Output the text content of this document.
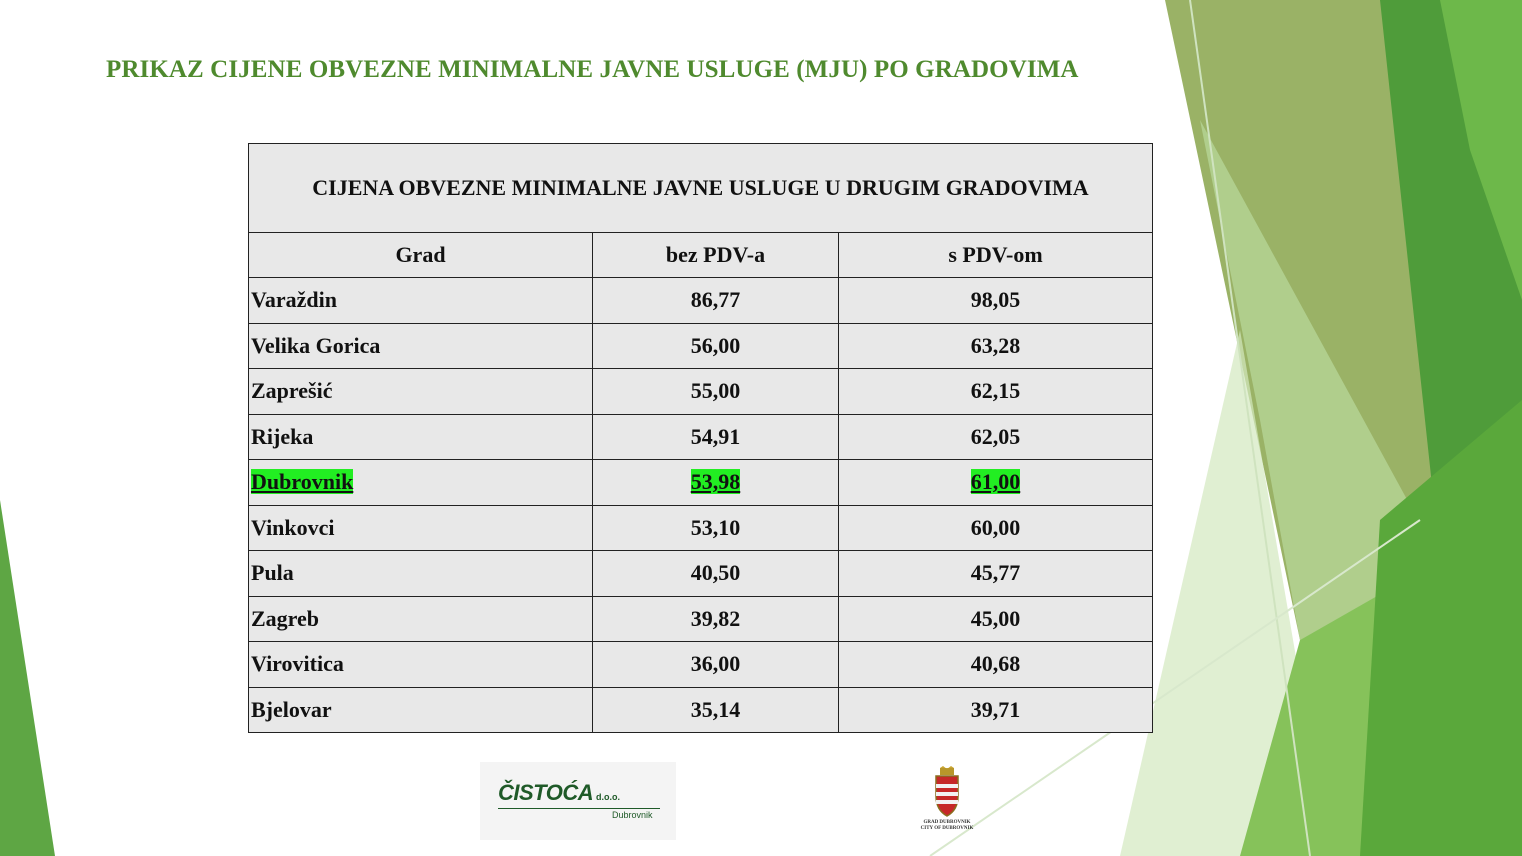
PRIKAZ CIJENE OBVEZNE MINIMALNE JAVNE USLUGE (MJU) PO GRADOVIMA
CIJENA OBVEZNE MINIMALNE JAVNE USLUGE U DRUGIM GRADOVIMA		
Grad	bez PDV-a	s PDV-om
Varaždin	86,77	98,05
Velika Gorica	56,00	63,28
Zaprešić	55,00	62,15
Rijeka	54,91	62,05
Dubrovnik	53,98	61,00
Vinkovci	53,10	60,00
Pula	40,50	45,77
Zagreb	39,82	45,00
Virovitica	36,00	40,68
Bjelovar	35,14	39,71
ČISTOĆA d.o.o.
Dubrovnik
GRAD DUBROVNIK
CITY OF DUBROVNIK
